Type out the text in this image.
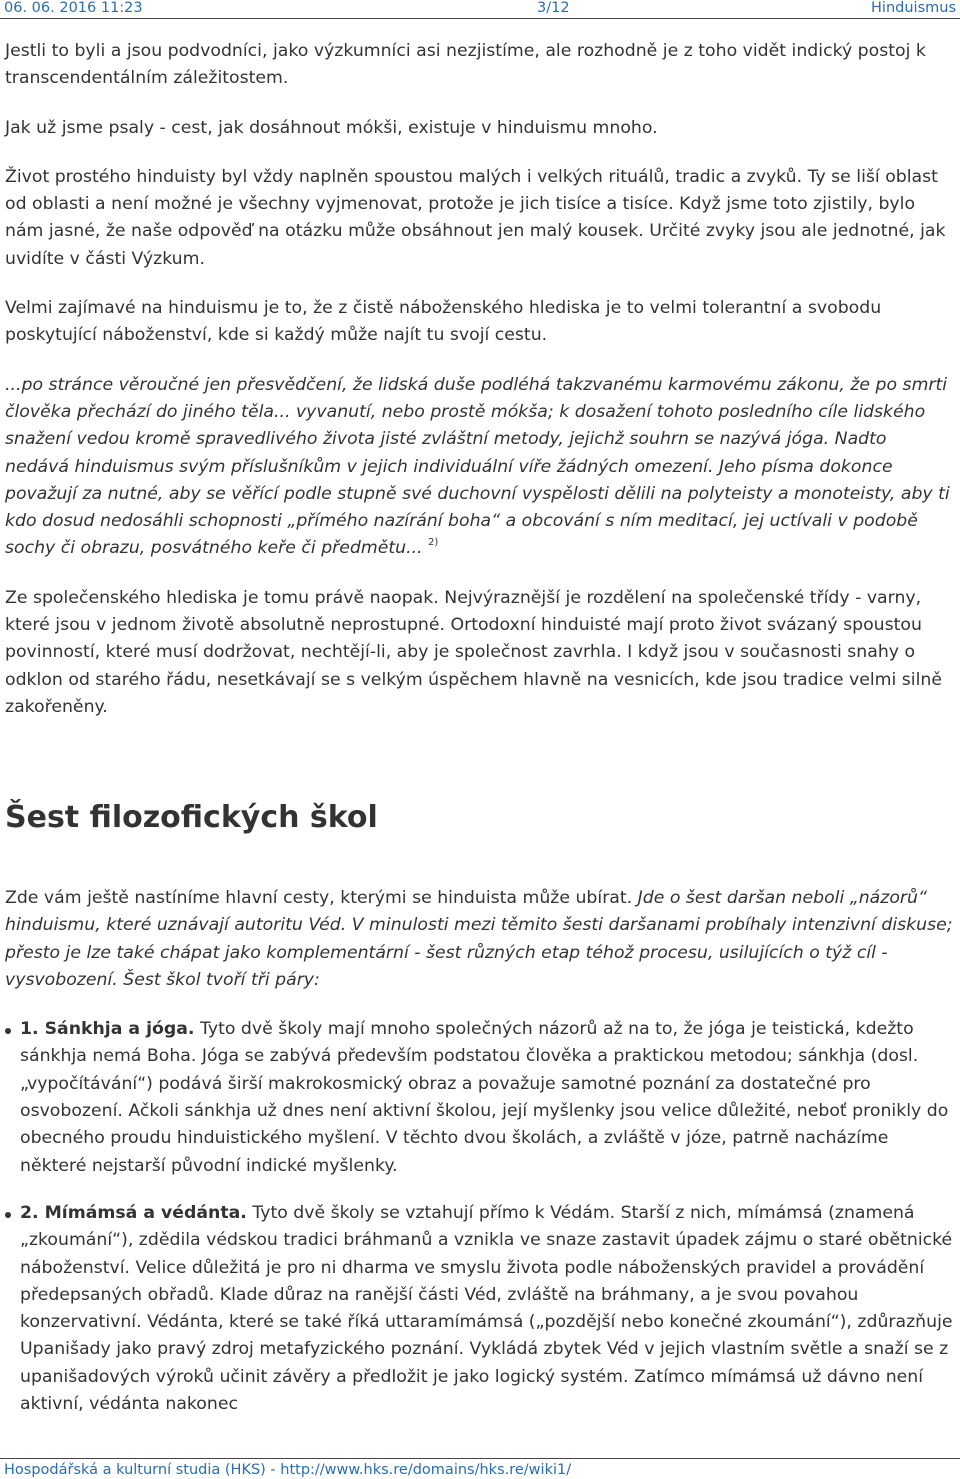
06. 06. 2016 11:23	3/12	Hinduismus

Jestli to byli a jsou podvodníci, jako výzkumníci asi nezjistíme, ale rozhodně je z toho vidět indický postoj k transcendentálním záležitostem.

Jak už jsme psaly - cest, jak dosáhnout mókši, existuje v hinduismu mnoho.

Život prostého hinduisty byl vždy naplněn spoustou malých i velkých rituálů, tradic a zvyků. Ty se liší oblast od oblasti a není možné je všechny vyjmenovat, protože je jich tisíce a tisíce. Když jsme toto zjistily, bylo nám jasné, že naše odpověď na otázku může obsáhnout jen malý kousek. Určité zvyky jsou ale jednotné, jak uvidíte v části Výzkum.

Velmi zajímavé na hinduismu je to, že z čistě náboženského hlediska je to velmi tolerantní a svobodu poskytující náboženství, kde si každý může najít tu svojí cestu.

...po stránce věroučné jen přesvědčení, že lidská duše podléhá takzvanému karmovému zákonu, že po smrti člověka přechází do jiného těla... vyvanutí, nebo prostě mókša; k dosažení tohoto posledního cíle lidského snažení vedou kromě spravedlivého života jisté zvláštní metody, jejichž souhrn se nazývá jóga. Nadto nedává hinduismus svým příslušníkům v jejich individuální víře žádných omezení. Jeho písma dokonce považují za nutné, aby se věřící podle stupně své duchovní vyspělosti dělili na polyteisty a monoteisty, aby ti kdo dosud nedosáhli schopnosti „přímého nazírání boha“ a obcování s ním meditací, jej uctívali v podobě sochy či obrazu, posvátného keře či předmětu... $^{2)}$

Ze společenského hlediska je tomu právě naopak. Nejvýraznější je rozdělení na společenské třídy - varny, které jsou v jednom životě absolutně neprostupné. Ortodoxní hinduisté mají proto život svázaný spoustou povinností, které musí dodržovat, nechtějí-li, aby je společnost zavrhla. I když jsou v současnosti snahy o odklon od starého řádu, nesetkávají se s velkým úspěchem hlavně na vesnicích, kde jsou tradice velmi silně zakořeněny.

Šest filozofických škol

Zde vám ještě nastíníme hlavní cesty, kterými se hinduista může ubírat. Jde o šest daršan neboli „názorů“ hinduismu, které uznávají autoritu Véd. V minulosti mezi těmito šesti daršanami probíhaly intenzivní diskuse; přesto je lze také chápat jako komplementární - šest různých etap téhož procesu, usilujících o týž cíl - vysvobození. Šest škol tvoří tři páry:

1. Sánkhja a jóga. Tyto dvě školy mají mnoho společných názorů až na to, že jóga je teistická, kdežto sánkhja nemá Boha. Jóga se zabývá především podstatou člověka a praktickou metodou; sánkhja (dosl. „vypočítávání“) podává širší makrokosmický obraz a považuje samotné poznání za dostatečné pro osvobození. Ačkoli sánkhja už dnes není aktivní školou, její myšlenky jsou velice důležité, neboť pronikly do obecného proudu hinduistického myšlení. V těchto dvou školách, a zvláště v józe, patrně nacházíme některé nejstarší původní indické myšlenky.
2. Mímámsá a védánta. Tyto dvě školy se vztahují přímo k Védám. Starší z nich, mímámsá (znamená „zkoumání“), zdědila védskou tradici bráhmanů a vznikla ve snaze zastavit úpadek zájmu o staré obětnické náboženství. Velice důležitá je pro ni dharma ve smyslu života podle náboženských pravidel a provádění předepsaných obřadů. Klade důraz na ranější části Véd, zvláště na bráhmany, a je svou povahou konzervativní. Védánta, které se také říká uttaramímámsá („pozdější nebo konečné zkoumání“), zdůrazňuje Upanišady jako pravý zdroj metafyzického poznání. Vykládá zbytek Véd v jejich vlastním světle a snaží se z upanišadových výroků učinit závěry a předložit je jako logický systém. Zatímco mímámsá už dávno není aktivní, védánta nakonec
Hospodářská a kulturní studia (HKS) - http://www.hks.re/domains/hks.re/wiki1/
